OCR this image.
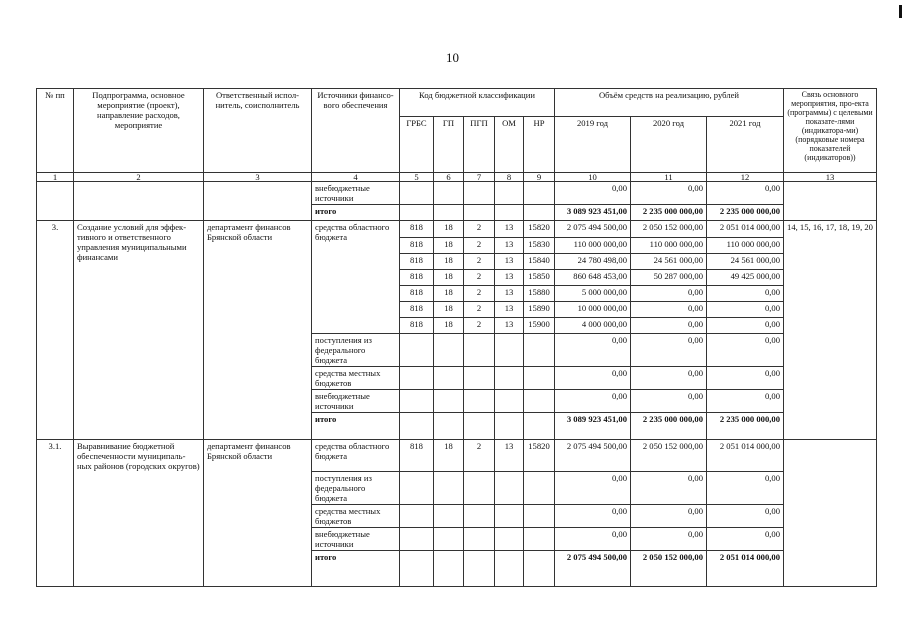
10
№ пп	Подпрограмма, основное мероприятие (проект), направление расходов, мероприятие	Ответственный испол-нитель, соисполнитель	Источники финансо-вого обеспечения	Код бюджетной классификации					Объём средств на реализацию, рублей			Связь основного мероприятия, про-екта (программы) с целевыми показате-лями (индикатора-ми) (порядковые номера показателей (индикаторов))
				ГРБС	ГП	ПГП	ОМ	НР	2019 год	2020 год	2021 год	
1	2	3	4	5	6	7	8	9	10	11	12	13
			внебюджетные источники						0,00	0,00	0,00	
			итого						3 089 923 451,00	2 235 000 000,00	2 235 000 000,00	
3.	Создание условий для эффек-тивного и ответственного управления муниципальными финансами	департамент финансов Брянской области	средства областного бюджета	818	18	2	13	15820	2 075 494 500,00	2 050 152 000,00	2 051 014 000,00	14, 15, 16, 17, 18, 19, 20
				818	18	2	13	15830	110 000 000,00	110 000 000,00	110 000 000,00	
				818	18	2	13	15840	24 780 498,00	24 561 000,00	24 561 000,00	
				818	18	2	13	15850	860 648 453,00	50 287 000,00	49 425 000,00	
				818	18	2	13	15880	5 000 000,00	0,00	0,00	
				818	18	2	13	15890	10 000 000,00	0,00	0,00	
				818	18	2	13	15900	4 000 000,00	0,00	0,00	
			поступления из федерального бюджета						0,00	0,00	0,00	
			средства местных бюджетов						0,00	0,00	0,00	
			внебюджетные источники						0,00	0,00	0,00	
			итого						3 089 923 451,00	2 235 000 000,00	2 235 000 000,00	
3.1.	Выравнивание бюджетной обеспеченности муниципаль-ных районов (городских округов)	департамент финансов Брянской области	средства областного бюджета	818	18	2	13	15820	2 075 494 500,00	2 050 152 000,00	2 051 014 000,00	
			поступления из федерального бюджета						0,00	0,00	0,00	
			средства местных бюджетов						0,00	0,00	0,00	
			внебюджетные источники						0,00	0,00	0,00	
			итого						2 075 494 500,00	2 050 152 000,00	2 051 014 000,00	
